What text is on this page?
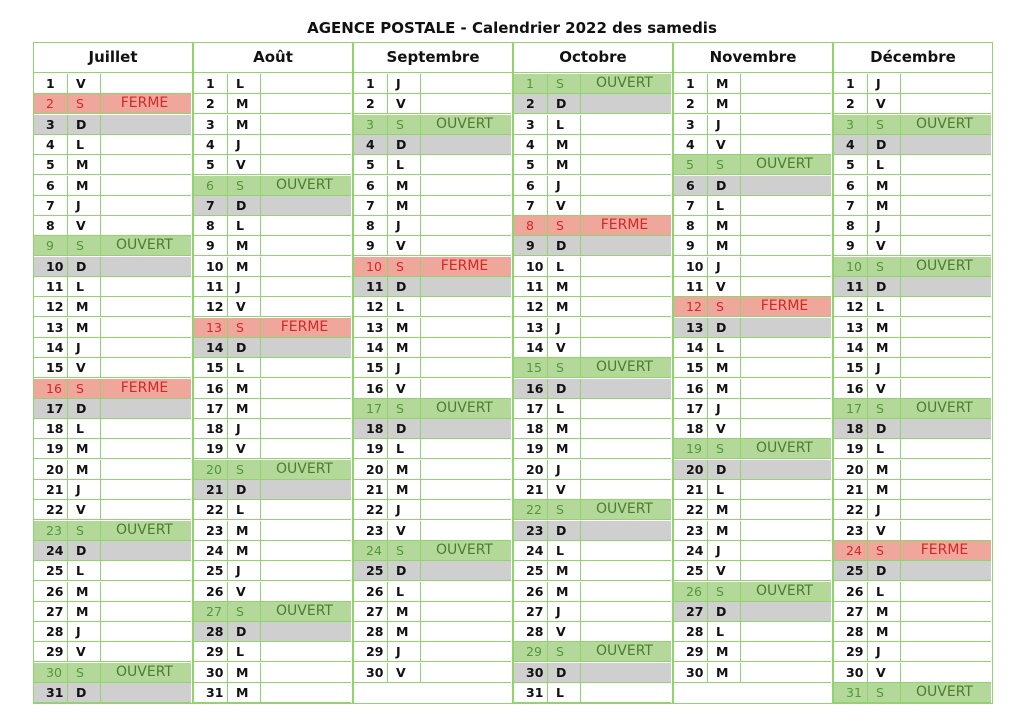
AGENCE POSTALE - Calendrier 2022 des samedis
Juillet
1 V
2 S	FERME
3 D
4 L
5 M
6 M
7 J
8 V
9 S	OUVERT
10 D
11 L
12 M
13 M
14 J
15 V
16 S	FERME
17 D
18 L
19 M
20 M
21 J
22 V
23 S	OUVERT
24 D
25 L
26 M
27 M
28 J
29 V
30 S	OUVERT
31 D
Août
1 L
2 M
3 M
4 J
5 V
6 S	OUVERT
7 D
8 L
9 M
10 M
11 J
12 V
13 S	FERME
14 D
15 L
16 M
17 M
18 J
19 V
20 S	OUVERT
21 D
22 L
23 M
24 M
25 J
26 V
27 S	OUVERT
28 D
29 L
30 M
31 M
Septembre
1 J
2 V
3 S	OUVERT
4 D
5 L
6 M
7 M
8 J
9 V
10 S	FERME
11 D
12 L
13 M
14 M
15 J
16 V
17 S	OUVERT
18 D
19 L
20 M
21 M
22 J
23 V
24 S	OUVERT
25 D
26 L
27 M
28 M
29 J
30 V
Octobre
1 S	OUVERT
2 D
3 L
4 M
5 M
6 J
7 V
8 S	FERME
9 D
10 L
11 M
12 M
13 J
14 V
15 S	OUVERT
16 D
17 L
18 M
19 M
20 J
21 V
22 S	OUVERT
23 D
24 L
25 M
26 M
27 J
28 V
29 S	OUVERT
30 D
31 L
Novembre
1 M
2 M
3 J
4 V
5 S	OUVERT
6 D
7 L
8 M
9 M
10 J
11 V
12 S	FERME
13 D
14 L
15 M
16 M
17 J
18 V
19 S	OUVERT
20 D
21 L
22 M
23 M
24 J
25 V
26 S	OUVERT
27 D
28 L
29 M
30 M
Décembre
1 J
2 V
3 S	OUVERT
4 D
5 L
6 M
7 M
8 J
9 V
10 S	OUVERT
11 D
12 L
13 M
14 M
15 J
16 V
17 S	OUVERT
18 D
19 L
20 M
21 M
22 J
23 V
24 S	FERME
25 D
26 L
27 M
28 M
29 J
30 V
31 S	OUVERT
